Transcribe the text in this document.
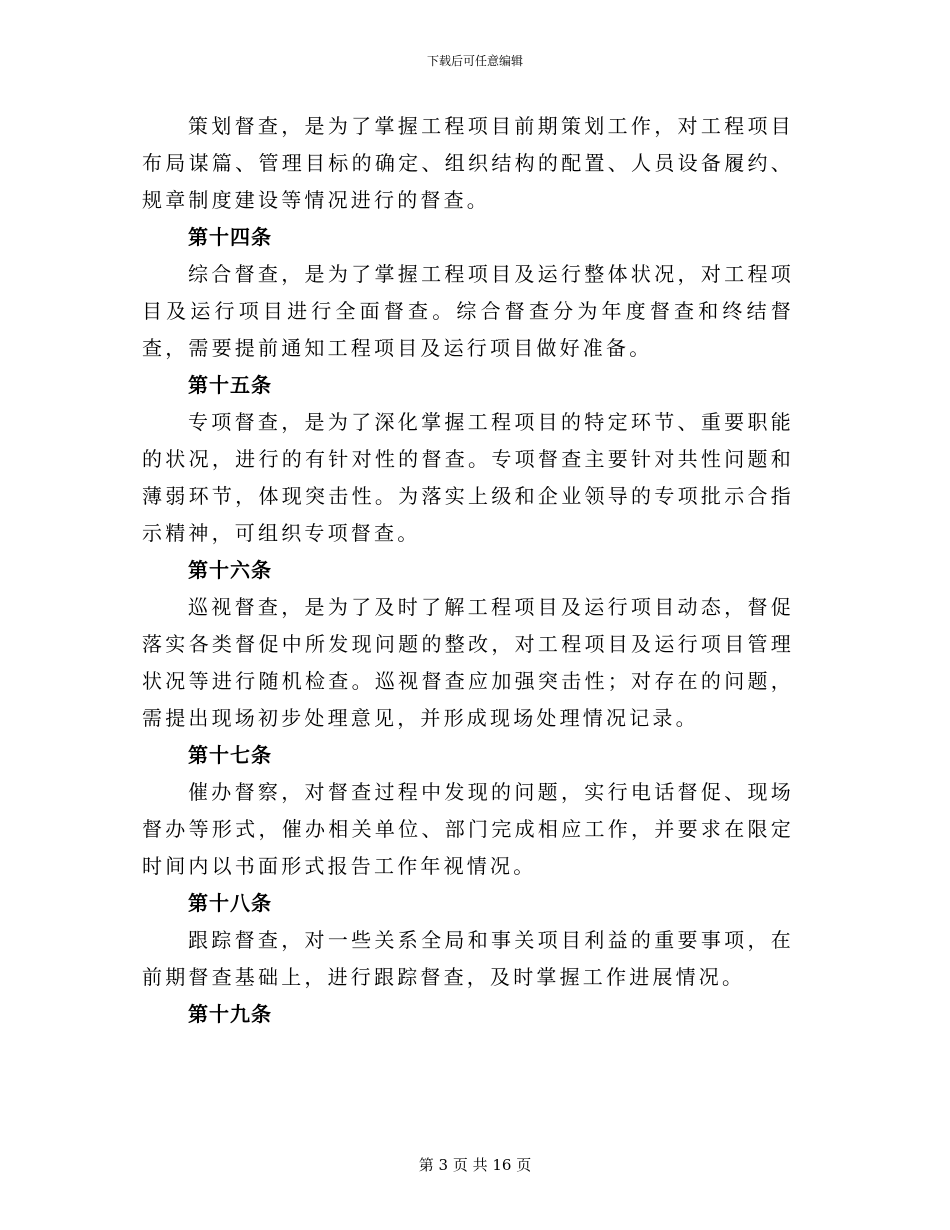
下载后可任意编辑

策划督查，是为了掌握工程项目前期策划工作，对工程项目布局谋篇、管理目标的确定、组织结构的配置、人员设备履约、规章制度建设等情况进行的督查。

第十四条

综合督查，是为了掌握工程项目及运行整体状况，对工程项目及运行项目进行全面督查。综合督查分为年度督查和终结督查，需要提前通知工程项目及运行项目做好准备。

第十五条

专项督查，是为了深化掌握工程项目的特定环节、重要职能的状况，进行的有针对性的督查。专项督查主要针对共性问题和薄弱环节，体现突击性。为落实上级和企业领导的专项批示合指示精神，可组织专项督查。

第十六条

巡视督查，是为了及时了解工程项目及运行项目动态，督促落实各类督促中所发现问题的整改，对工程项目及运行项目管理状况等进行随机检查。巡视督查应加强突击性；对存在的问题，需提出现场初步处理意见，并形成现场处理情况记录。

第十七条

催办督察，对督查过程中发现的问题，实行电话督促、现场督办等形式，催办相关单位、部门完成相应工作，并要求在限定时间内以书面形式报告工作年视情况。

第十八条

跟踪督查，对一些关系全局和事关项目利益的重要事项，在前期督查基础上，进行跟踪督查，及时掌握工作进展情况。

第十九条

第 3 页 共 16 页
